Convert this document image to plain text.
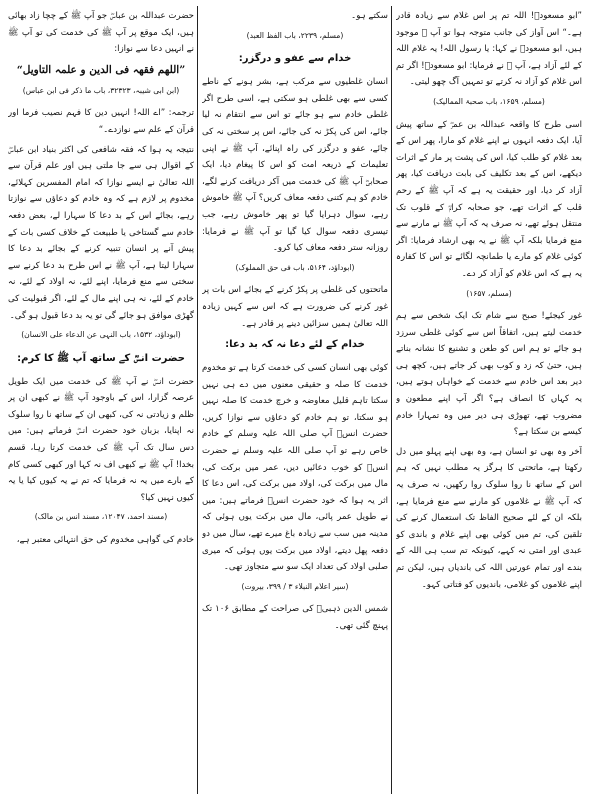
”ابو مسعودؓ! اللہ تم پر اس غلام سے زیادہ قادر ہے۔“ اس آواز کی جانب متوجہ ہوا تو آپ ﷺ موجود ہیں، ابو مسعودؓ نے کہا: یا رسول اللہ! یہ غلام اللہ کے لئے آزاد ہے، آپ ﷺ نے فرمایا: ابو مسعودؓ! اگر تم اس غلام کو آزاد نہ کرتے تو تمہیں آگ چھو لیتی۔

(مسلم، ۱۶۵۹، باب صحبۃ الممالیک)

اسی طرح کا واقعہ عبداللہ بن عمرؓ کے ساتھ پیش آیا، ایک دفعہ انہوں نے اپنے غلام کو مارا، پھر اس کے بعد غلام کو طلب کیا، اس کی پشت پر مار کے اثرات دیکھے، اس کے بعد تکلیف کی بابت دریافت کیا، پھر آزاد کر دیا، اور حقیقت یہ ہے کہ آپ ﷺ کے رحم قلب کے اثرات تھے، جو صحابہ کرامؓ کے قلوب تک منتقل ہوئے تھے، نہ صرف یہ کہ آپ ﷺ نے مارنے سے منع فرمایا بلکہ آپ ﷺ نے یہ بھی ارشاد فرمایا: اگر کوئی غلام کو مارے یا طمانچہ لگائے تو اس کا کفارہ یہ ہے کہ اس غلام کو آزاد کر دے۔

(مسلم، ۱۶۵۷)

غور کیجئے! صبح سے شام تک ایک شخص سے ہم خدمت لیتے ہیں، اتفاقاً اس سے کوئی غلطی سرزد ہو جائے تو ہم اس کو طعن و تشنیع کا نشانہ بناتے ہیں، حتیٰ کہ زد و کوب بھی کر جاتے ہیں، کچھ ہی دیر بعد اس خادم سے خدمت کے خواہاں ہوتے ہیں، یہ کہاں کا انصاف ہے؟ اگر آپ اپنے مطعون و مضروب تھے، تھوڑی ہی دیر میں وہ تمہارا خادم کیسے بن سکتا ہے؟

آخر وہ بھی تو انسان ہے، وہ بھی اپنے پہلو میں دل رکھتا ہے، ماتحتی کا ہرگز یہ مطلب نہیں کہ ہم اس کے ساتھ نا روا سلوک روا رکھیں، نہ صرف یہ کہ آپ ﷺ نے غلاموں کو مارنے سے منع فرمایا ہے، بلکہ ان کے لئے صحیح الفاظ تک استعمال کرنے کی تلقین کی، تم میں کوئی بھی اپنے غلام و باندی کو عبدی اور امتی نہ کہے، کیونکہ تم سب ہی اللہ کے بندے اور تمام عورتیں اللہ کی باندیاں ہیں، لیکن تم اپنے غلاموں کو غلامی، باندیوں کو فتاتی کہو۔

سکتے ہو۔

(مسلم، ۲۲۳۹، باب الفظ العبد)
خدام سے عفو و درگزر:

انسان غلطیوں سے مرکب ہے، بشر ہونے کے ناطے کسی سے بھی غلطی ہو سکتی ہے، اسی طرح اگر غلطی خادم سے ہو جائے تو اس سے انتقام نہ لیا جائے، اس کی پکڑ نہ کی جائے، اس پر سختی نہ کی جائے، عفو و درگزر کی راہ اپنائے، آپ ﷺ نے اپنی تعلیمات کے ذریعہ امت کو اس کا پیغام دیا، ایک صحابیؓ آپ ﷺ کی خدمت میں آکر دریافت کرنے لگے، خادم کو ہم کتنی دفعہ معاف کریں؟ آپ ﷺ خاموش رہے، سوال دہرایا گیا تو پھر خاموش رہے، جب تیسری دفعہ سوال کیا گیا تو آپ ﷺ نے فرمایا: روزانہ ستر دفعہ معاف کیا کرو۔

(ابوداؤد، ۵۱۶۴، باب فی حق المملوک)

ماتحتوں کی غلطی پر پکڑ کرنے کے بجائے اس بات پر غور کرنے کی ضرورت ہے کہ اس سے کہیں زیادہ اللہ تعالیٰ ہمیں سزائیں دینے پر قادر ہے۔

خدام کے لئے دعا نہ کہ بد دعا:

کوئی بھی انسان کسی کی خدمت کرتا ہے تو مخدوم خدمت کا صلہ و حقیقی معنوں میں دے ہی نہیں سکتا تاہم قلیل معاوضہ و خرچ خدمت کا صلہ نہیں ہو سکتا، تو ہم خادم کو دعاؤں سے نوازا کریں، حضرت انسؓ آپ صلی اللہ علیہ وسلم کے خادم خاص رہے تو آپ صلی اللہ علیہ وسلم نے حضرت انسؓ کو خوب دعائیں دیں، عمر میں برکت کی، مال میں برکت کی، اولاد میں برکت کی، اس دعا کا اثر یہ ہوا کہ خود حضرت انسؓ فرماتے ہیں: میں نے طویل عمر پائی، مال میں برکت یوں ہوئی کہ مدینہ میں سب سے زیادہ باغ میرے تھے، سال میں دو دفعہ پھل دیتے، اولاد میں برکت یوں ہوئی کہ میری صلبی اولاد کی تعداد ایک سو سے متجاوز تھی۔

(سیر اعلام النبلاء ۳ / ۳۹۹، بیروت)

شمس الدین ذہبیؒ کی صراحت کے مطابق ۱۰۶ تک پہنچ گئی تھی۔

حضرت عبداللہ بن عباسؓ جو آپ ﷺ کے چچا زاد بھائی ہیں، ایک موقع پر آپ ﷺ کی خدمت کی تو آپ ﷺ نے انہیں دعا سے نوازا:

”اللھم فقھہ فی الدین و علمہ التاویل“
(ابن ابی شیبہ، ۳۲۳۲۳، باب ما ذکر فی ابن عباس)

ترجمہ: ”اے اللہ! انہیں دین کا فہم نصیب فرما اور قرآن کے علم سے نوازدے۔“

نتیجہ یہ ہوا کہ فقہ شافعی کی اکثر بنیاد ابن عباسؓ کے اقوال ہی سے جا ملتی ہیں اور علم قرآن سے اللہ تعالیٰ نے ایسے نوازا کہ امام المفسرین کہلائے، مخدوم پر لازم ہے کہ وہ خادم کو دعاؤں سے نوازتا رہے، بجائے اس کے بد دعا کا سہارا لے، بعض دفعہ خادم سے گستاخی یا طبیعت کے خلاف کسی بات کے پیش آنے پر انسان تنبیہ کرنے کے بجائے بد دعا کا سہارا لیتا ہے، آپ ﷺ نے اس طرح بد دعا کرنے سے سختی سے منع فرمایا، اپنے لئے، نہ اولاد کے لئے، نہ خادم کے لئے، نہ ہی اپنے مال کے لئے، اگر قبولیت کی گھڑی موافق ہو جائے گی تو یہ بد دعا قبول ہو گی۔

(ابوداؤد، ۱۵۳۲، باب النہی عن الدعاء علی الانسان)
حضرت انسؓ کے ساتھ آپ ﷺ کا کرم:

حضرت انسؓ نے آپ ﷺ کی خدمت میں ایک طویل عرصہ گزارا، اس کے باوجود آپ ﷺ نے کبھی ان پر ظلم و زیادتی نہ کی، کبھی ان کے ساتھ نا روا سلوک نہ اپنایا، بزبان خود حضرت انسؓ فرماتے ہیں: میں دس سال تک آپ ﷺ کی خدمت کرتا رہا، قسم بخدا! آپ ﷺ نے کبھی اف نہ کہا اور کبھی کسی کام کے بارے میں یہ نہ فرمایا کہ تم نے یہ کیوں کیا یا یہ کیوں نہیں کیا؟

(مسند احمد، ۱۲۰۴۷، مسند انس بن مالک)

خادم کی گواہی مخدوم کی حق انتہائی معتبر ہے،
